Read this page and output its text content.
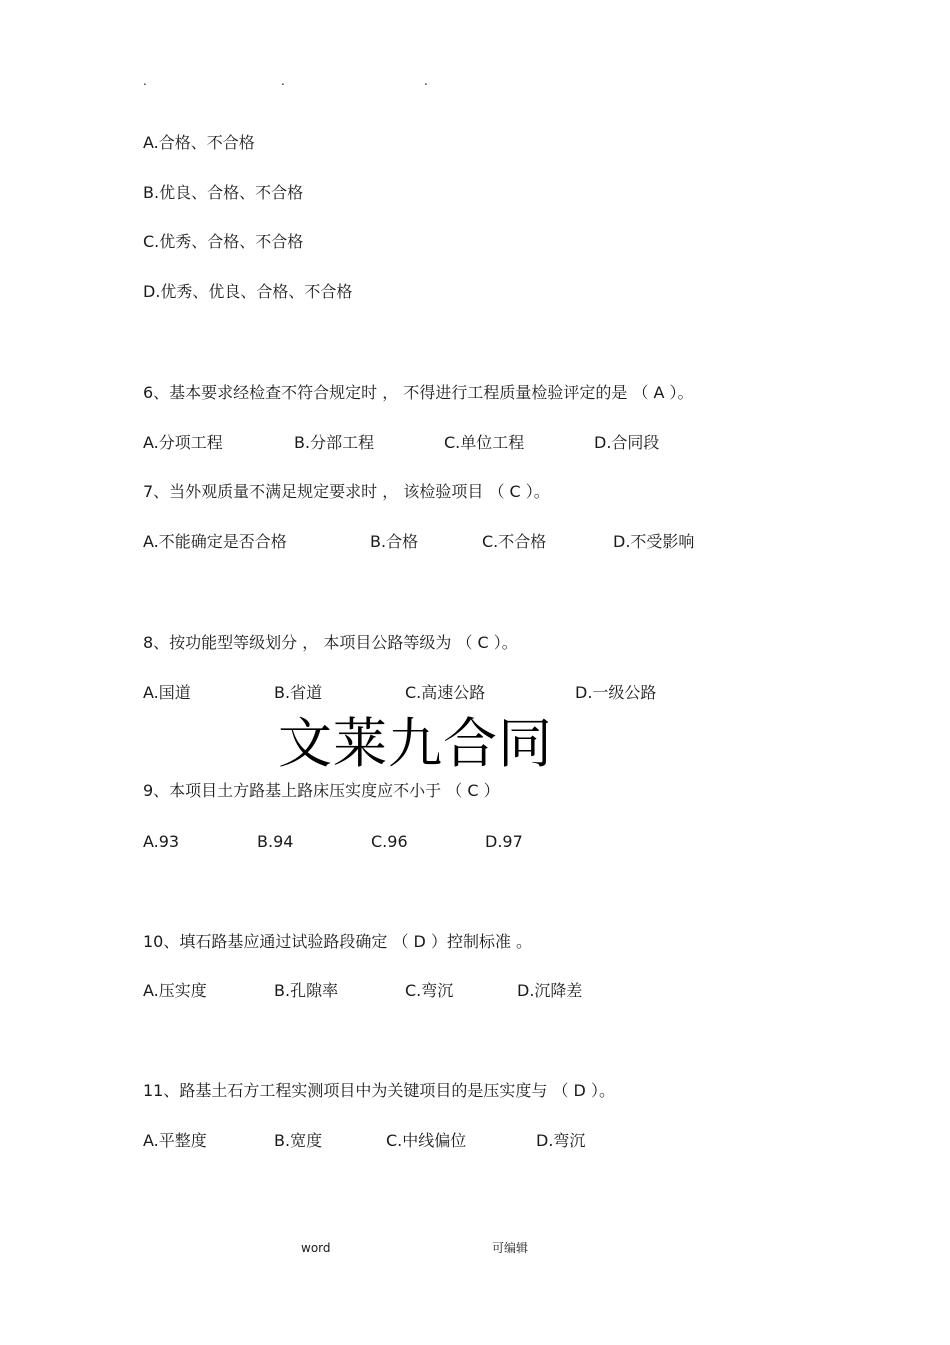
.	.	.
A.合格、不合格
B.优良、合格、不合格
C.优秀、合格、不合格
D.优秀、优良、合格、不合格
6、基本要求经检查不符合规定时 ， 不得进行工程质量检验评定的是 （ A ）。
A.分项工程	B.分部工程	C.单位工程	D.合同段
7、当外观质量不满足规定要求时 ， 该检验项目 （ C ）。
A.不能确定是否合格	B.合格	C.不合格	D.不受影响
8、按功能型等级划分 ， 本项目公路等级为 （ C ）。
A.国道	B.省道	C.高速公路	D.一级公路
文莱九合同
9、本项目土方路基上路床压实度应不小于 （ C ）
A.93	B.94	C.96	D.97
10、填石路基应通过试验路段确定 （ D ）控制标准 。
A.压实度	B.孔隙率	C.弯沉	D.沉降差
11、路基土石方工程实测项目中为关键项目的是压实度与 （ D ）。
A.平整度	B.宽度	C.中线偏位	D.弯沉
word	可编辑
